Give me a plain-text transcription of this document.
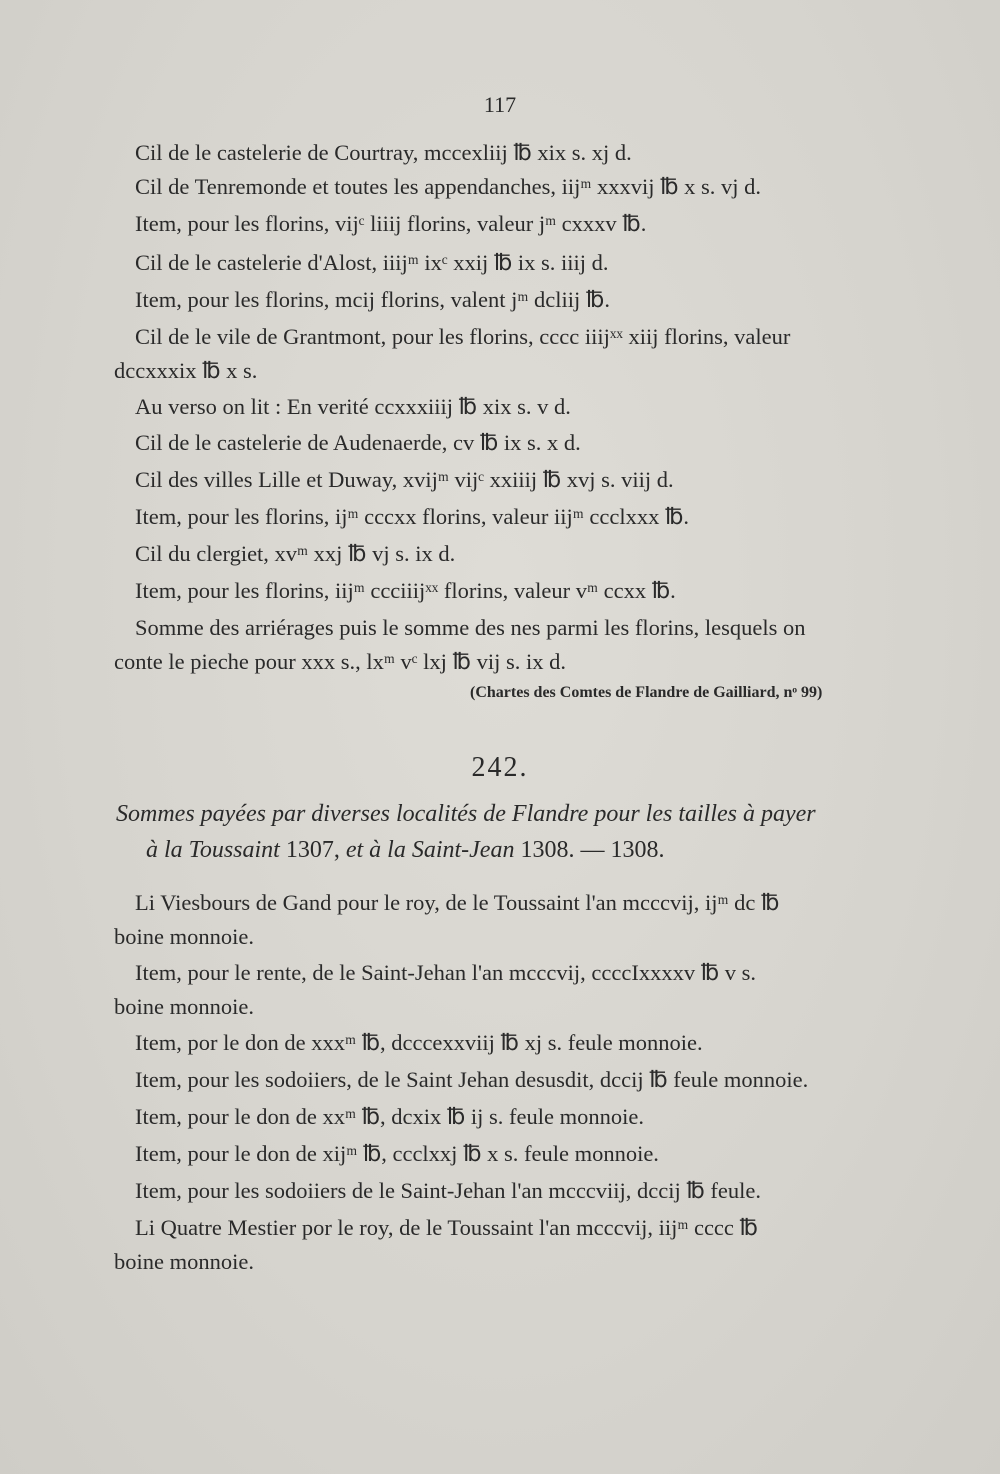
117
Cil de le castelerie de Courtray, mccexliij ℔ xix s. xj d.
Cil de Tenremonde et toutes les appendanches, iijᵐ xxxvij ℔ x s. vj d.
Item, pour les florins, vijᶜ liiij florins, valeur jᵐ cxxxv ℔.
Cil de le castelerie d'Alost, iiijᵐ ixᶜ xxij ℔ ix s. iiij d.
Item, pour les florins, mcij florins, valent jᵐ dcliij ℔.
Cil de le vile de Grantmont, pour les florins, cccc iiijˣˣ xiij florins, valeur
dccxxxix ℔ x s.
Au verso on lit : En verité ccxxxiiij ℔ xix s. v d.
Cil de le castelerie de Audenaerde, cv ℔ ix s. x d.
Cil des villes Lille et Duway, xvijᵐ vijᶜ xxiiij ℔ xvj s. viij d.
Item, pour les florins, ijᵐ cccxx florins, valeur iijᵐ ccclxxx ℔.
Cil du clergiet, xvᵐ xxj ℔ vj s. ix d.
Item, pour les florins, iijᵐ ccciiijˣˣ florins, valeur vᵐ ccxx ℔.
Somme des arriérages puis le somme des nes parmi les florins, lesquels on
conte le pieche pour xxx s., lxᵐ vᶜ lxj ℔ vij s. ix d.
(Chartes des Comtes de Flandre de Gailliard, nᵒ 99)
242.
Sommes payées par diverses localités de Flandre pour les tailles à payer
à la Toussaint 1307, et à la Saint-Jean 1308. — 1308.
Li Viesbours de Gand pour le roy, de le Toussaint l'an mcccvij, ijᵐ dc ℔
boine monnoie.
Item, pour le rente, de le Saint-Jehan l'an mcccvij, ccccIxxxxv ℔ v s.
boine monnoie.
Item, por le don de xxxᵐ ℔, dcccexxviij ℔ xj s. feule monnoie.
Item, pour les sodoiiers, de le Saint Jehan desusdit, dccij ℔ feule monnoie.
Item, pour le don de xxᵐ ℔, dcxix ℔ ij s. feule monnoie.
Item, pour le don de xijᵐ ℔, ccclxxj ℔ x s. feule monnoie.
Item, pour les sodoiiers de le Saint-Jehan l'an mcccviij, dccij ℔ feule.
Li Quatre Mestier por le roy, de le Toussaint l'an mcccvij, iijᵐ cccc ℔
boine monnoie.
